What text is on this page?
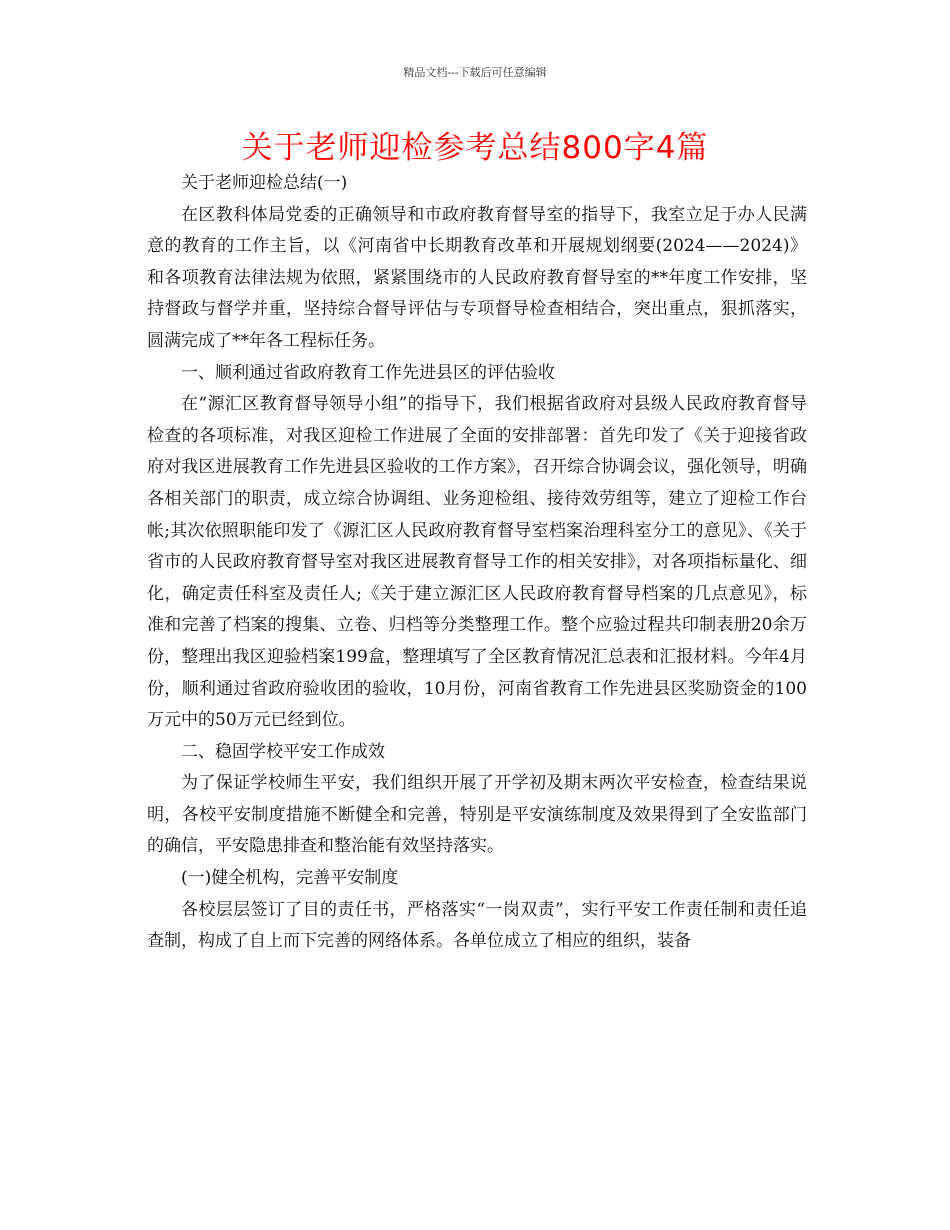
精品文档---下载后可任意编辑
关于老师迎检参考总结800字4篇

关于老师迎检总结(一)

在区教科体局党委的正确领导和市政府教育督导室的指导下，我室立足于办人民满意的教育的工作主旨，以《河南省中长期教育改革和开展规划纲要(2024——2024)》和各项教育法律法规为依照，紧紧围绕市的人民政府教育督导室的**年度工作安排，坚持督政与督学并重，坚持综合督导评估与专项督导检查相结合，突出重点，狠抓落实，圆满完成了**年各工程标任务。

一、顺利通过省政府教育工作先进县区的评估验收

在“源汇区教育督导领导小组”的指导下，我们根据省政府对县级人民政府教育督导检查的各项标准，对我区迎检工作进展了全面的安排部署：首先印发了《关于迎接省政府对我区进展教育工作先进县区验收的工作方案》，召开综合协调会议，强化领导，明确各相关部门的职责，成立综合协调组、业务迎检组、接待效劳组等，建立了迎检工作台帐;其次依照职能印发了《源汇区人民政府教育督导室档案治理科室分工的意见》、《关于省市的人民政府教育督导室对我区进展教育督导工作的相关安排》，对各项指标量化、细化，确定责任科室及责任人;《关于建立源汇区人民政府教育督导档案的几点意见》，标准和完善了档案的搜集、立卷、归档等分类整理工作。整个应验过程共印制表册20余万份，整理出我区迎验档案199盒，整理填写了全区教育情况汇总表和汇报材料。今年4月份，顺利通过省政府验收团的验收，10月份，河南省教育工作先进县区奖励资金的100万元中的50万元已经到位。

二、稳固学校平安工作成效

为了保证学校师生平安，我们组织开展了开学初及期末两次平安检查，检查结果说明，各校平安制度措施不断健全和完善，特别是平安演练制度及效果得到了全安监部门的确信，平安隐患排查和整治能有效坚持落实。

(一)健全机构，完善平安制度

各校层层签订了目的责任书，严格落实“一岗双责”，实行平安工作责任制和责任追查制，构成了自上而下完善的网络体系。各单位成立了相应的组织，装备
